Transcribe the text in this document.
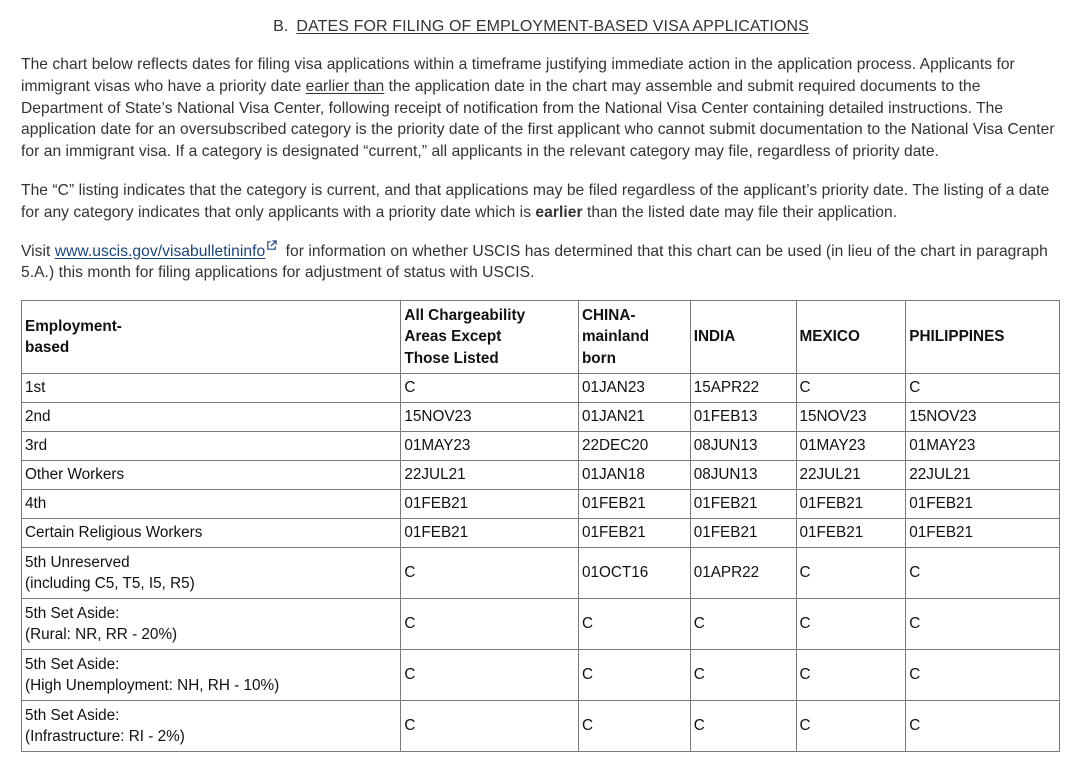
B. DATES FOR FILING OF EMPLOYMENT-BASED VISA APPLICATIONS

The chart below reflects dates for filing visa applications within a timeframe justifying immediate action in the application process. Applicants for immigrant visas who have a priority date earlier than the application date in the chart may assemble and submit required documents to the Department of State’s National Visa Center, following receipt of notification from the National Visa Center containing detailed instructions. The application date for an oversubscribed category is the priority date of the first applicant who cannot submit documentation to the National Visa Center for an immigrant visa. If a category is designated “current,” all applicants in the relevant category may file, regardless of priority date.

The “C” listing indicates that the category is current, and that applications may be filed regardless of the applicant’s priority date. The listing of a date for any category indicates that only applicants with a priority date which is earlier than the listed date may file their application.

Visit www.uscis.gov/visabulletininfo for information on whether USCIS has determined that this chart can be used (in lieu of the chart in paragraph 5.A.) this month for filing applications for adjustment of status with USCIS.

Employment-
based	All Chargeability
Areas Except
Those Listed	CHINA-
mainland
born	INDIA	MEXICO	PHILIPPINES
1st	C	01JAN23	15APR22	C	C
2nd	15NOV23	01JAN21	01FEB13	15NOV23	15NOV23
3rd	01MAY23	22DEC20	08JUN13	01MAY23	01MAY23
Other Workers	22JUL21	01JAN18	08JUN13	22JUL21	22JUL21
4th	01FEB21	01FEB21	01FEB21	01FEB21	01FEB21
Certain Religious Workers	01FEB21	01FEB21	01FEB21	01FEB21	01FEB21
5th Unreserved
(including C5, T5, I5, R5)	C	01OCT16	01APR22	C	C
5th Set Aside:
(Rural: NR, RR - 20%)	C	C	C	C	C
5th Set Aside:
(High Unemployment: NH, RH - 10%)	C	C	C	C	C
5th Set Aside:
(Infrastructure: RI - 2%)	C	C	C	C	C
